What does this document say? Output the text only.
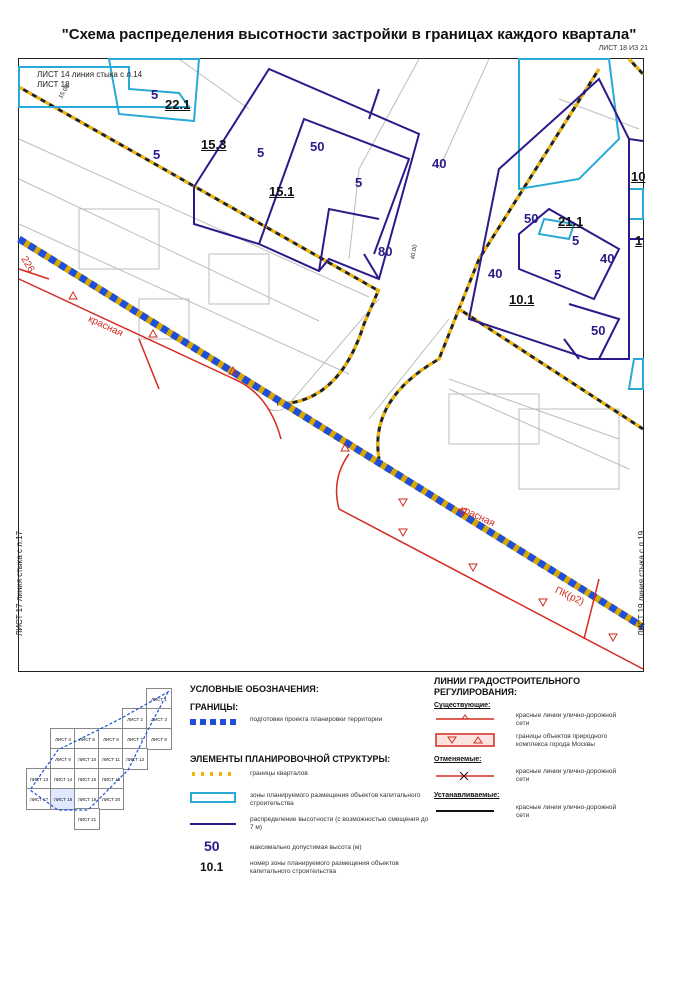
"Схема распределения высотности застройки в границах каждого квартала"
ЛИСТ 18 ИЗ 21
ЛИСТ 14 линия стыка с л.14
ЛИСТ 18
ЛИСТ 17 линия стыка с л.17	ЛИСТ 19 линия стыка с л.19
5
5	50
5
40
80
50
40	5
40
5
50
5
22.1
15.3
15.1
21.1
10.1
10
1
15.00
40.00
красная
красная
ПК(р2)
226
ЛИСТ 1
ЛИСТ 2	ЛИСТ 3
ЛИСТ 4	ЛИСТ 5	ЛИСТ 6	ЛИСТ 7	ЛИСТ 8
ЛИСТ 9	ЛИСТ 10	ЛИСТ 11	ЛИСТ 12
ЛИСТ 13	ЛИСТ 14	ЛИСТ 15	ЛИСТ 16
ЛИСТ 17	ЛИСТ 18	ЛИСТ 19	ЛИСТ 20
ЛИСТ 21
УСЛОВНЫЕ ОБОЗНАЧЕНИЯ:
ГРАНИЦЫ:
подготовки проекта планировки территории
ЭЛЕМЕНТЫ ПЛАНИРОВОЧНОЙ СТРУКТУРЫ:
границы кварталов
зоны планируемого размещения объектов капитального строительства
распределение высотности (с возможностью смещения до 7 м)
50	максимально допустимая высота (м)
10.1	номер зоны планируемого размещения объектов капитального строительства
ЛИНИИ ГРАДОСТРОИТЕЛЬНОГО
РЕГУЛИРОВАНИЯ:
Существующие:
красные линии улично-дорожной сети
границы объектов природного комплекса города Москвы
Отменяемые:
красные линии улично-дорожной сети
Устанавливаемые:
красные линии улично-дорожной сети
